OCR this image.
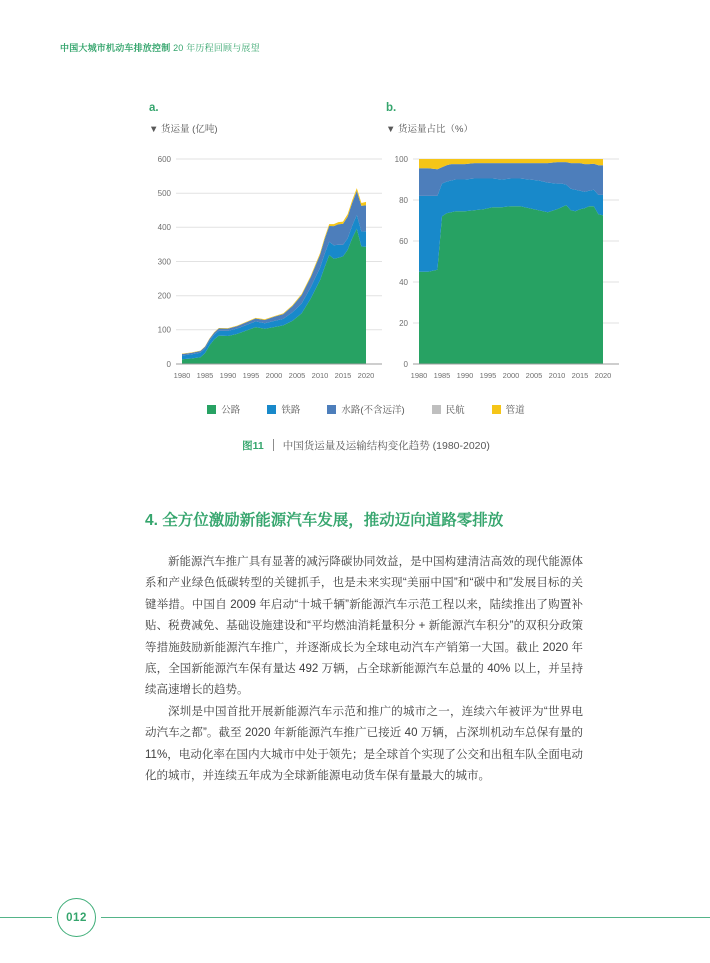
中国大城市机动车排放控制 20 年历程回顾与展望
a.
▼ 货运量 (亿吨)
0
100
200
300
400
500
600
1980 1985 1990 1995 2000 2005 2010 2015 2020
b.
▼ 货运量占比（%）
0
20
40
60
80
100
1980 1985 1990 1995 2000 2005 2010 2015 2020
公路	铁路	水路(不含远洋)	民航	管道
图11 中国货运量及运输结构变化趋势 (1980-2020)
4. 全方位激励新能源汽车发展，推动迈向道路零排放

新能源汽车推广具有显著的减污降碳协同效益，是中国构建清洁高效的现代能源体系和产业绿色低碳转型的关键抓手，也是未来实现“美丽中国”和“碳中和”发展目标的关键举措。中国自 2009 年启动“十城千辆”新能源汽车示范工程以来，陆续推出了购置补贴、税费减免、基础设施建设和“平均燃油消耗量积分 + 新能源汽车积分”的双积分政策等措施鼓励新能源汽车推广，并逐渐成长为全球电动汽车产销第一大国。截止 2020 年底，全国新能源汽车保有量达 492 万辆，占全球新能源汽车总量的 40% 以上，并呈持续高速增长的趋势。

深圳是中国首批开展新能源汽车示范和推广的城市之一，连续六年被评为“世界电动汽车之都”。截至 2020 年新能源汽车推广已接近 40 万辆，占深圳机动车总保有量的 11%，电动化率在国内大城市中处于领先；是全球首个实现了公交和出租车队全面电动化的城市，并连续五年成为全球新能源电动货车保有量最大的城市。

012
